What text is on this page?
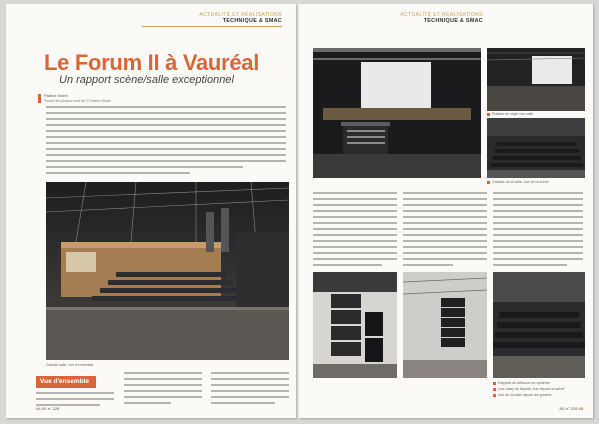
ACTUALITÉ ET RÉALISATIONS
TECHNIQUE & SMAC
Le Forum II à Vauréal
Un rapport scène/salle exceptionnel
Patrice Morel
Toutes les photos sont de © Patrice Morel
Grande salle, vue d'ensemble
Vue d'ensemble
44 AS n° 228
ACTUALITÉ ET RÉALISATIONS
TECHNIQUE & SMAC
Plateau en régie vue salle
Gradins de la salle, vue de la scène
Rappels de diffusion en système
Line array de façade, vue depuis la scène
Vue de la salle depuis les gradins
AS n° 228 45
